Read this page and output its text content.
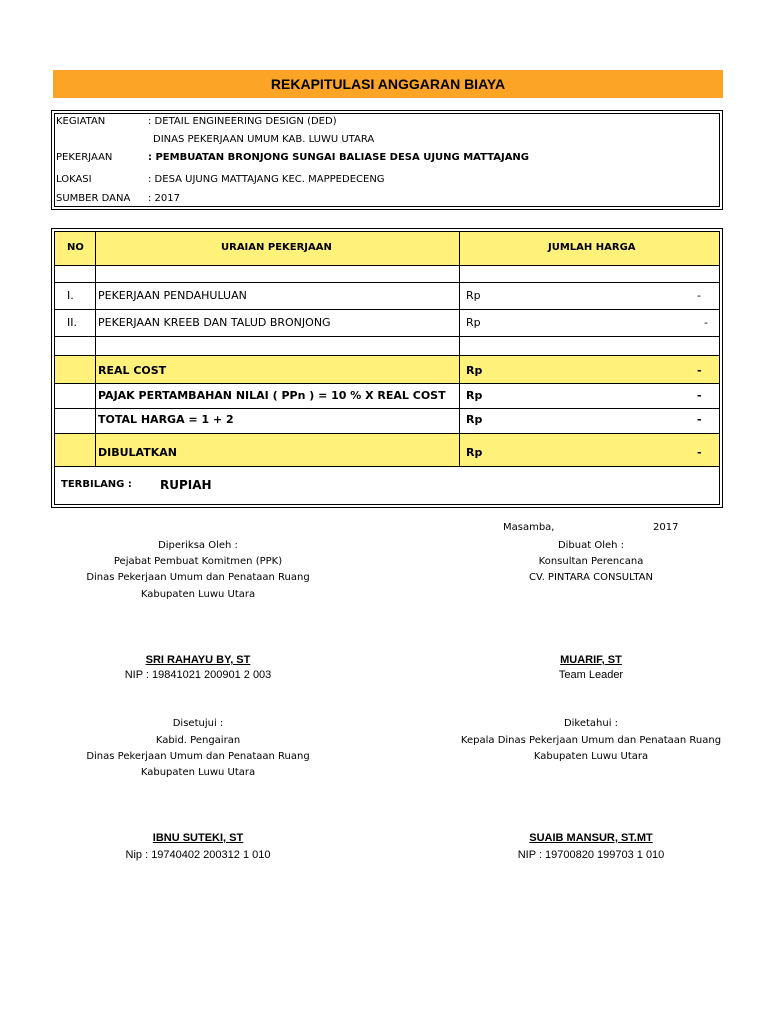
REKAPITULASI ANGGARAN BIAYA
KEGIATAN	: DETAIL ENGINEERING DESIGN (DED)
DINAS PEKERJAAN UMUM KAB. LUWU UTARA
PEKERJAAN	: PEMBUATAN BRONJONG SUNGAI BALIASE DESA UJUNG MATTAJANG
LOKASI	: DESA UJUNG MATTAJANG KEC. MAPPEDECENG
SUMBER DANA : 2017
NO	URAIAN PEKERJAAN	JUMLAH HARGA
I. PEKERJAAN PENDAHULUAN	Rp	-
II. PEKERJAAN KREEB DAN TALUD BRONJONG	Rp	-
REAL COST	Rp	-
PAJAK PERTAMBAHAN NILAI ( PPn ) = 10 % X REAL COST Rp	-
TOTAL HARGA = 1 + 2	Rp	-
DIBULATKAN	Rp	-
TERBILANG : RUPIAH
Masamba,	2017
Diperiksa Oleh :
Pejabat Pembuat Komitmen (PPK)
Dinas Pekerjaan Umum dan Penataan Ruang
Kabupaten Luwu Utara
SRI RAHAYU BY, ST
NIP : 19841021 200901 2 003
Dibuat Oleh :
Konsultan Perencana
CV. PINTARA CONSULTAN
MUARIF, ST
Team Leader
Disetujui :
Kabid. Pengairan
Dinas Pekerjaan Umum dan Penataan Ruang
Kabupaten Luwu Utara
IBNU SUTEKI, ST
Nip : 19740402 200312 1 010
Diketahui :
Kepala Dinas Pekerjaan Umum dan Penataan Ruang
Kabupaten Luwu Utara
SUAIB MANSUR, ST.MT
NIP : 19700820 199703 1 010
